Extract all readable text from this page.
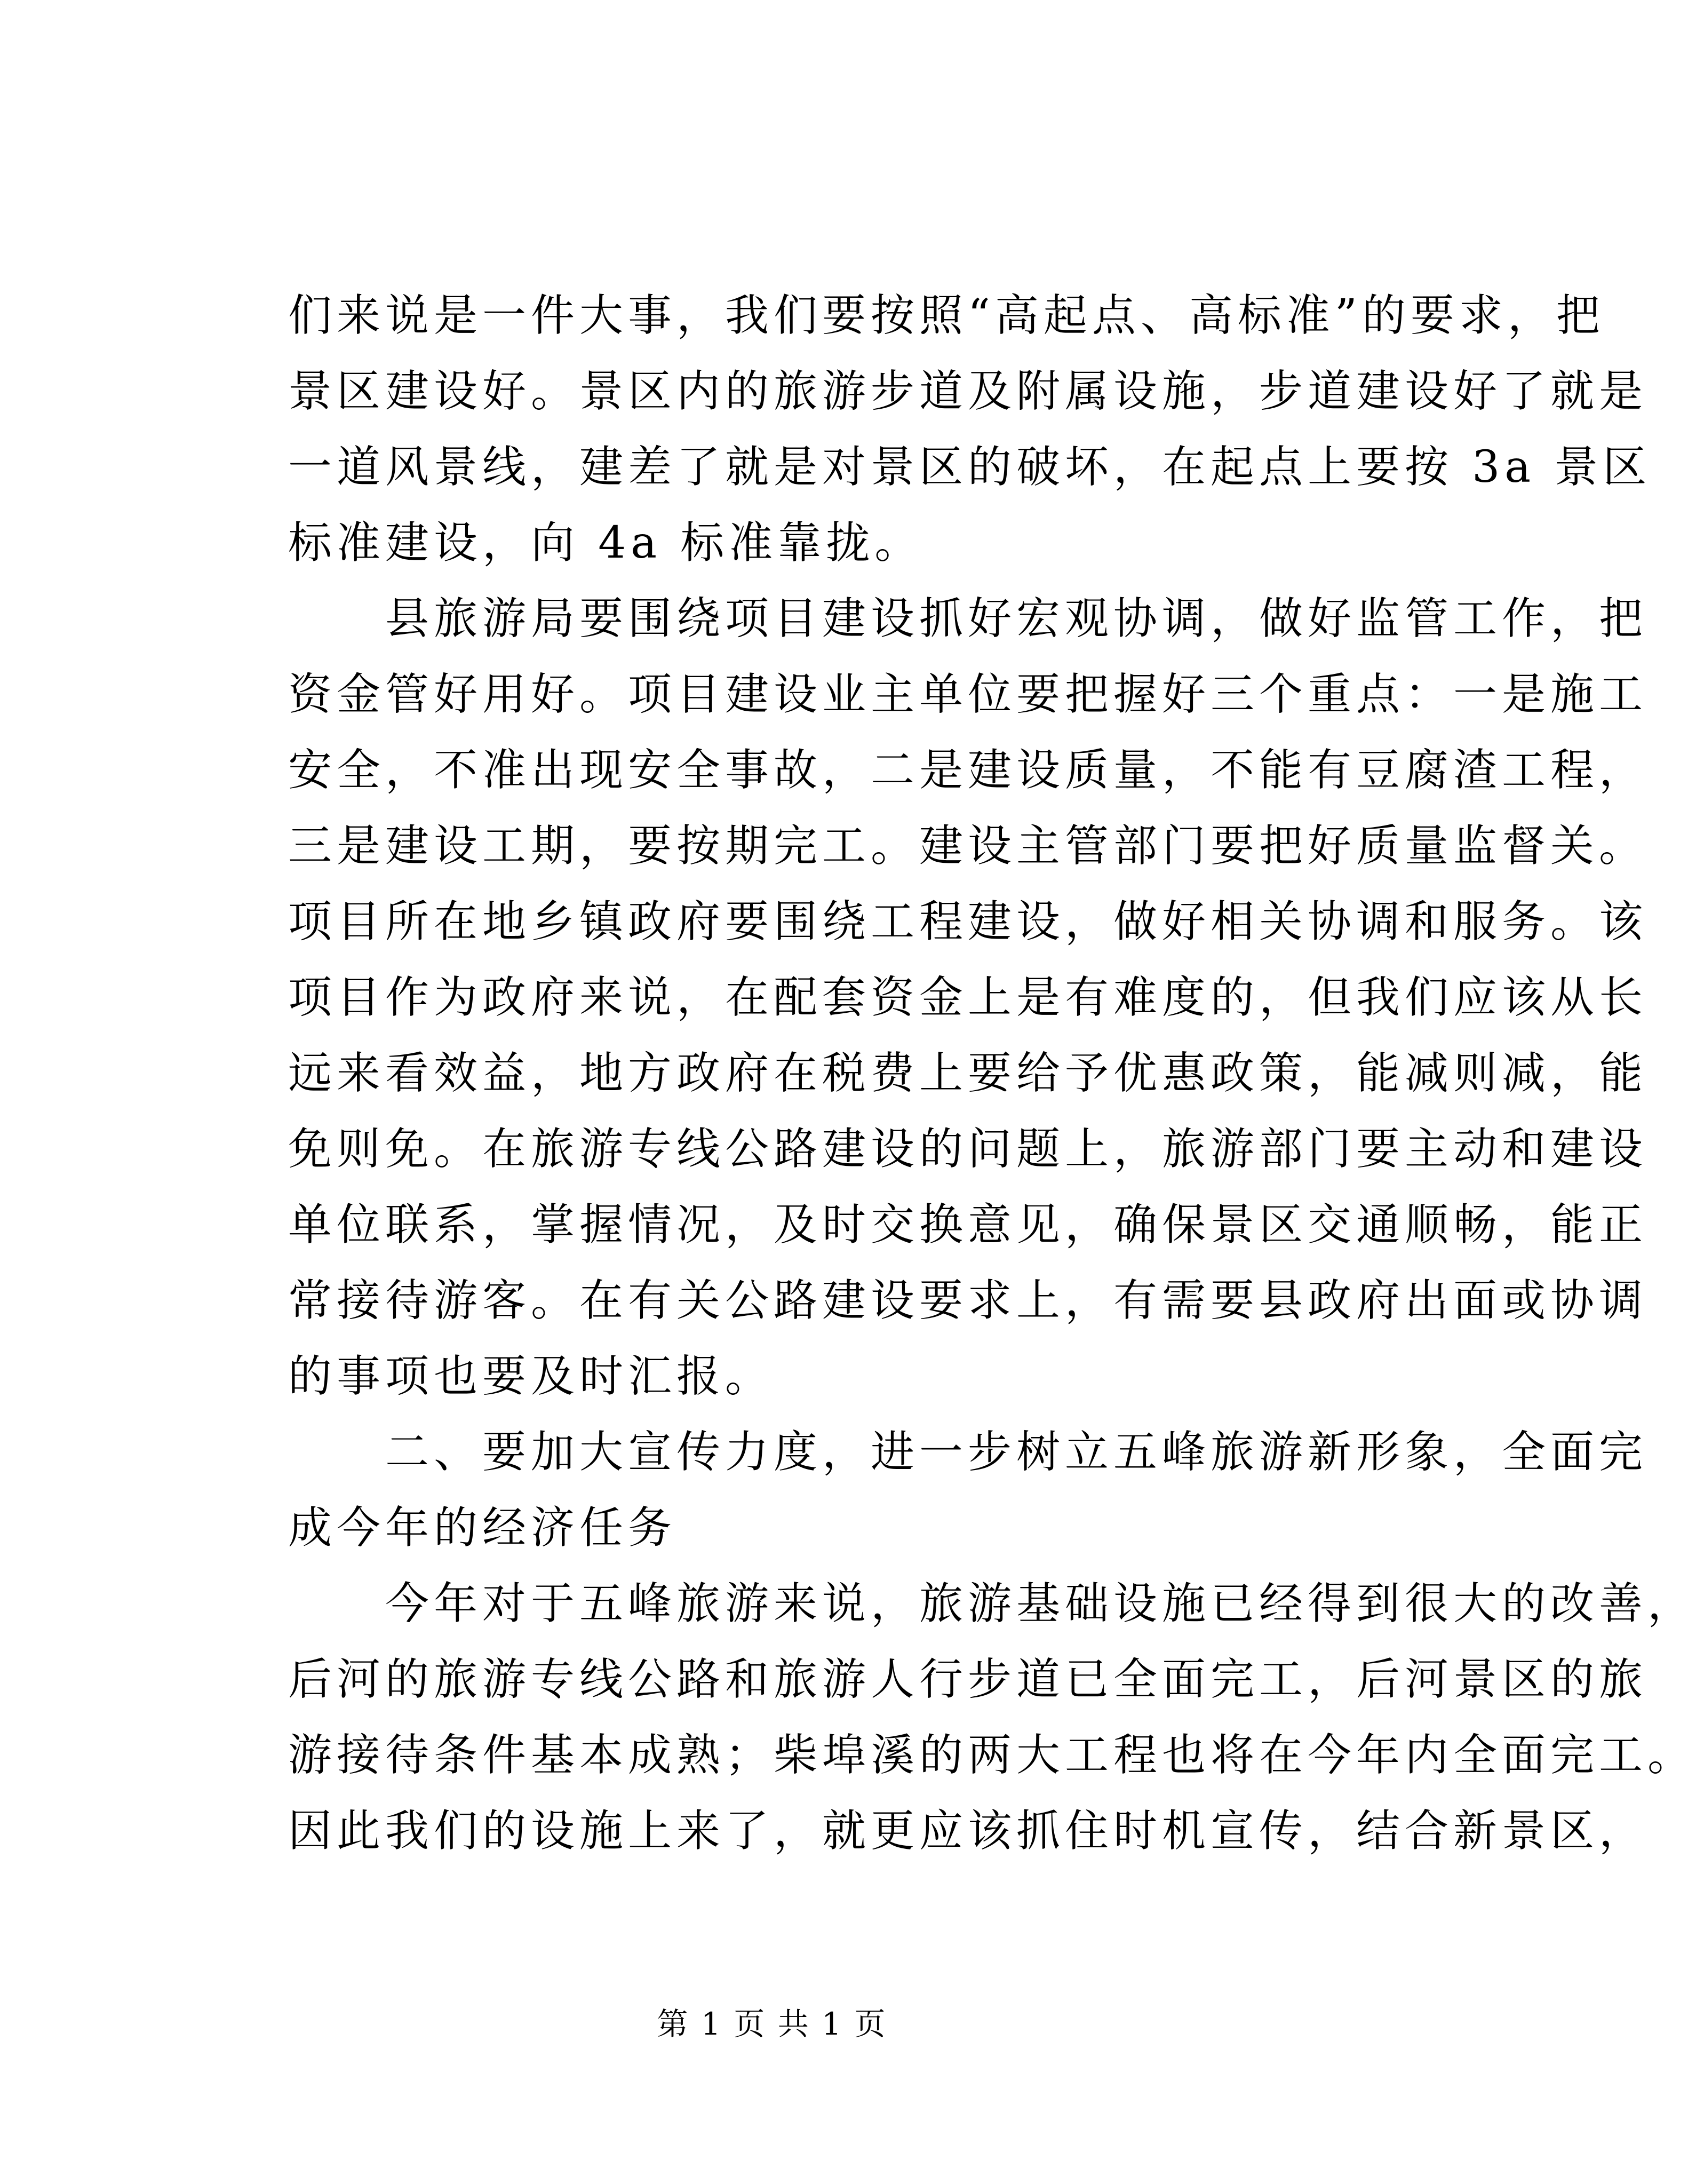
们来说是一件大事，我们要按照“高起点、高标准”的要求，把
景区建设好。景区内的旅游步道及附属设施，步道建设好了就是
一道风景线，建差了就是对景区的破坏，在起点上要按 3a 景区
标准建设，向 4a 标准靠拢。
　　县旅游局要围绕项目建设抓好宏观协调，做好监管工作，把
资金管好用好。项目建设业主单位要把握好三个重点：一是施工
安全，不准出现安全事故，二是建设质量，不能有豆腐渣工程，
三是建设工期，要按期完工。建设主管部门要把好质量监督关。
项目所在地乡镇政府要围绕工程建设，做好相关协调和服务。该
项目作为政府来说，在配套资金上是有难度的，但我们应该从长
远来看效益，地方政府在税费上要给予优惠政策，能减则减，能
免则免。在旅游专线公路建设的问题上，旅游部门要主动和建设
单位联系，掌握情况，及时交换意见，确保景区交通顺畅，能正
常接待游客。在有关公路建设要求上，有需要县政府出面或协调
的事项也要及时汇报。
　　二、要加大宣传力度，进一步树立五峰旅游新形象，全面完
成今年的经济任务
　　今年对于五峰旅游来说，旅游基础设施已经得到很大的改善，
后河的旅游专线公路和旅游人行步道已全面完工，后河景区的旅
游接待条件基本成熟；柴埠溪的两大工程也将在今年内全面完工。
因此我们的设施上来了，就更应该抓住时机宣传，结合新景区，
第 1 页 共 1 页
